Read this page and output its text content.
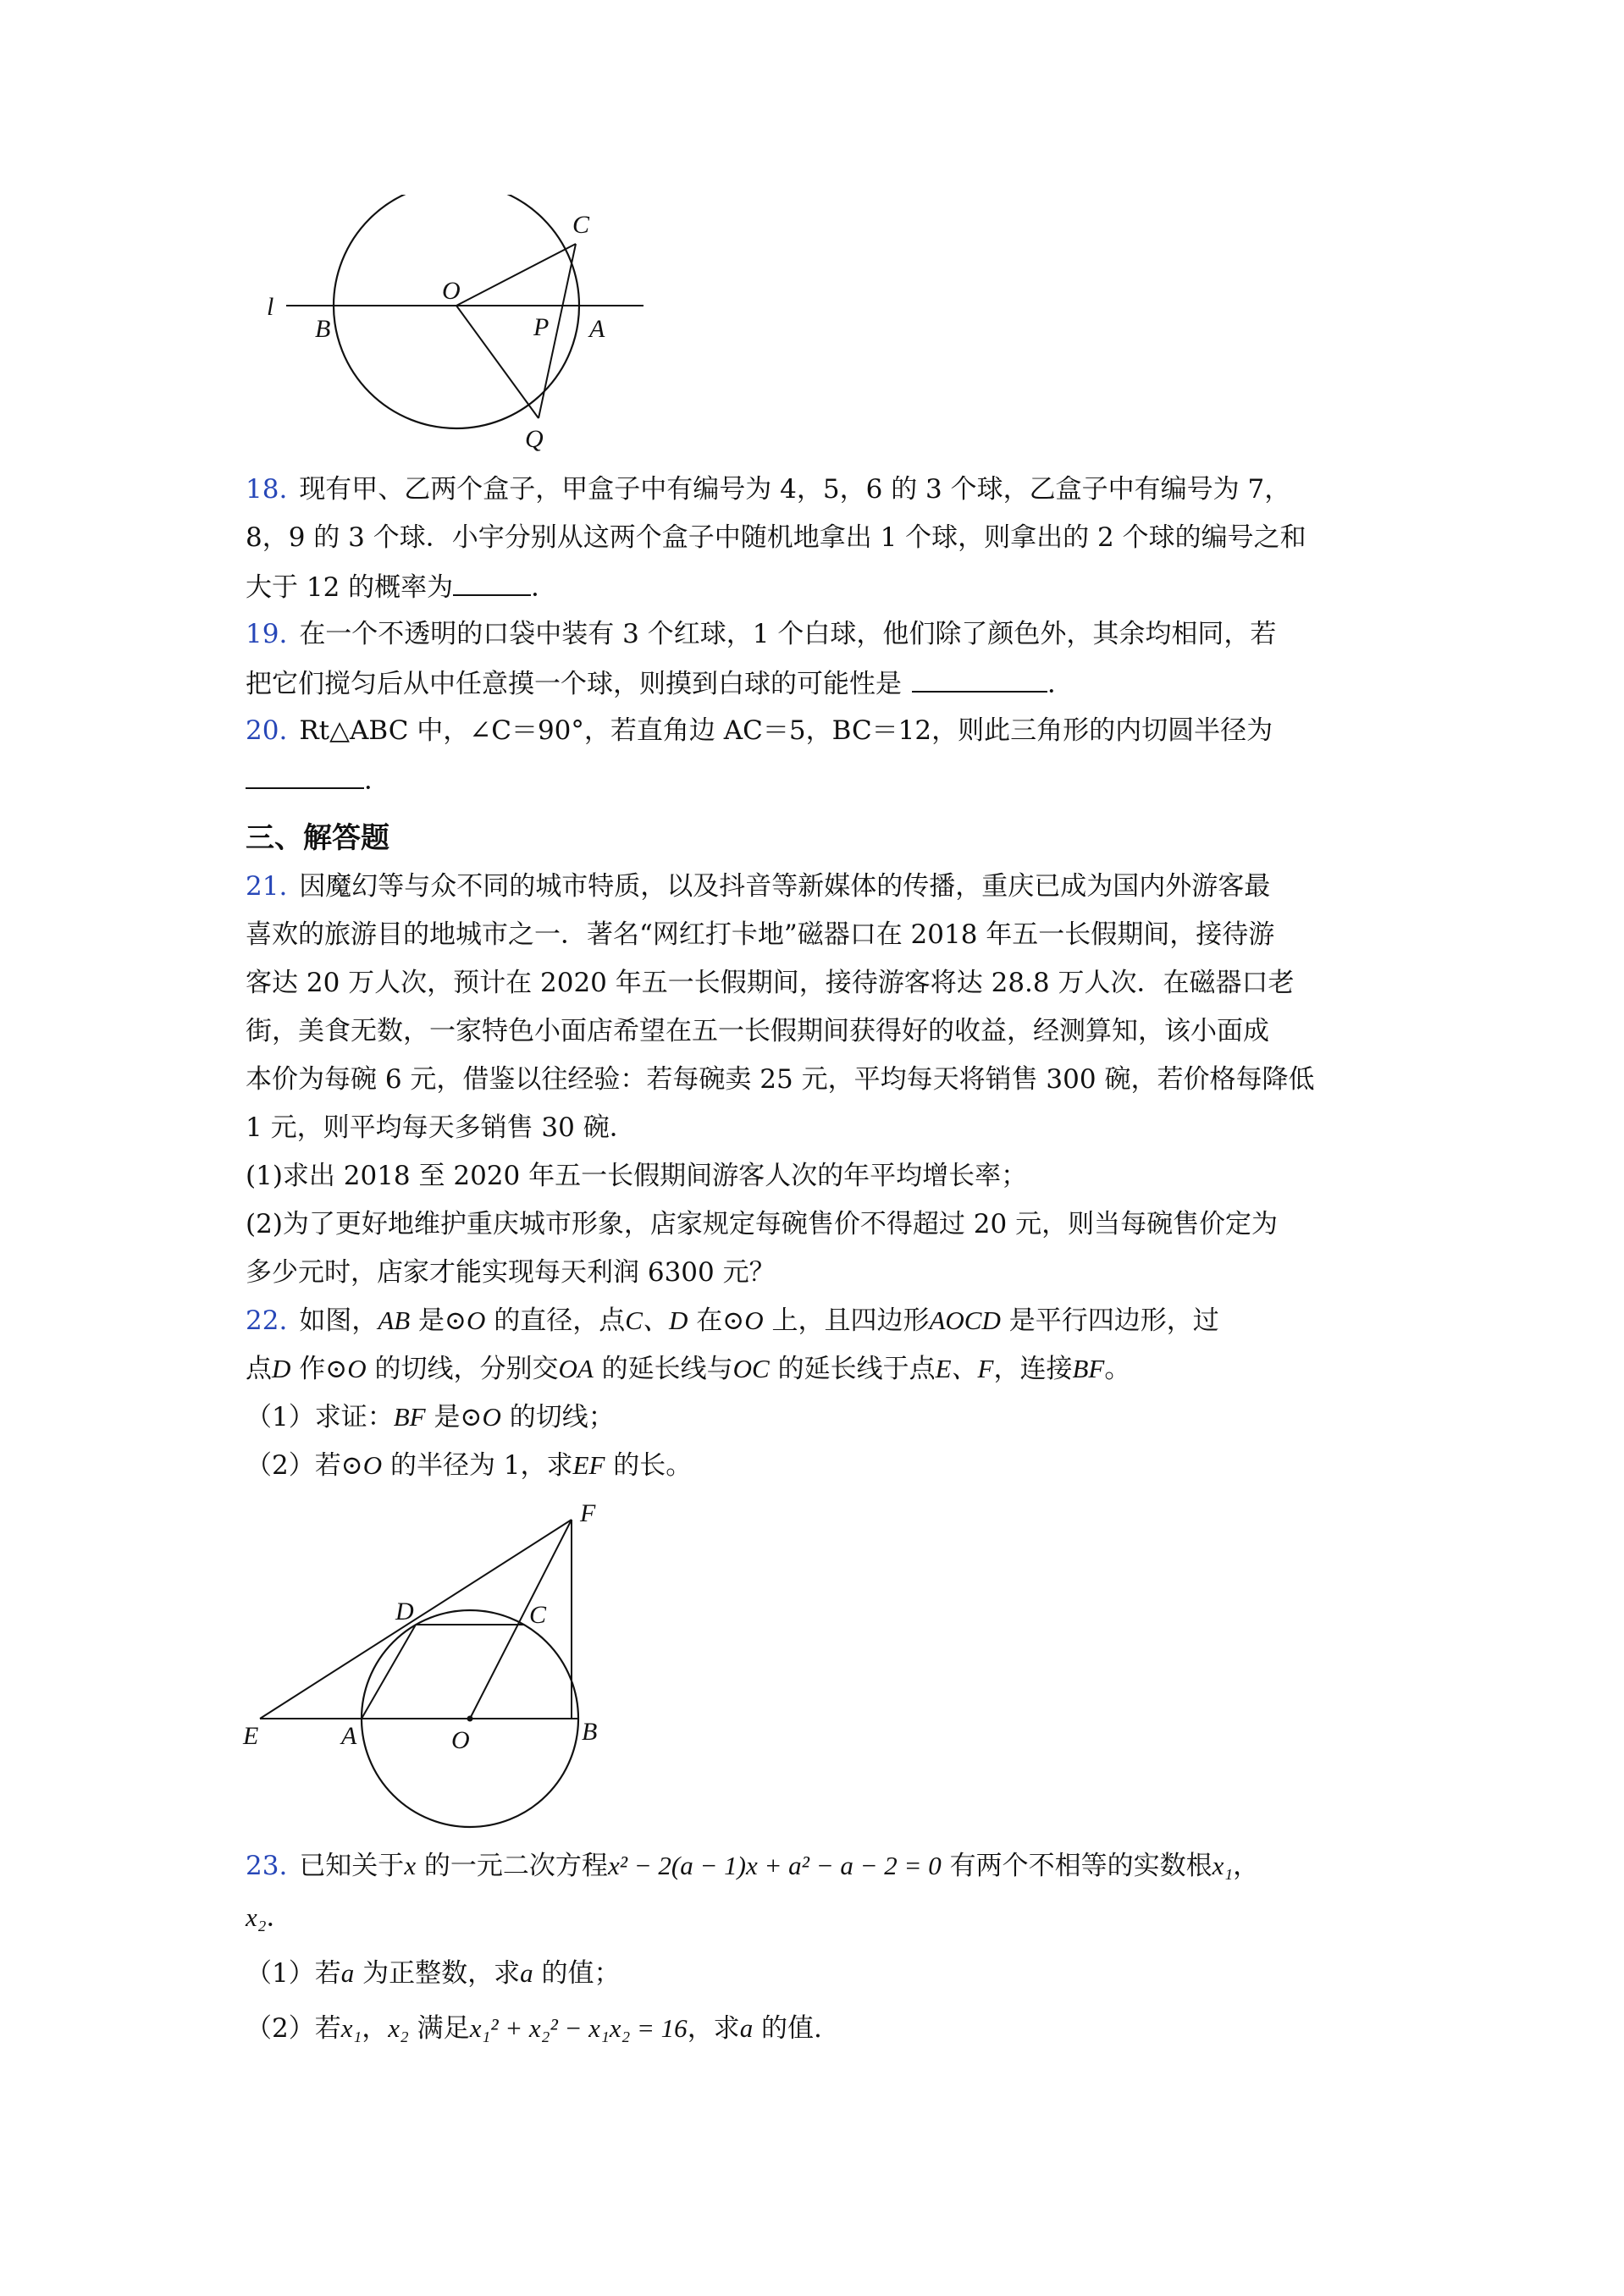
l
B
O
P A
C
Q
18. 现有甲、乙两个盒子，甲盒子中有编号为 4，5，6 的 3 个球，乙盒子中有编号为 7，
8，9 的 3 个球．小宇分别从这两个盒子中随机地拿出 1 个球，则拿出的 2 个球的编号之和
大于 12 的概率为	．
19. 在一个不透明的口袋中装有 3 个红球，1 个白球，他们除了颜色外，其余均相同，若
把它们搅匀后从中任意摸一个球，则摸到白球的可能性是	．
20. Rt△ABC 中，∠C＝90°，若直角边 AC＝5，BC＝12，则此三角形的内切圆半径为
．
三、解答题
21. 因魔幻等与众不同的城市特质，以及抖音等新媒体的传播，重庆已成为国内外游客最
喜欢的旅游目的地城市之一．著名“网红打卡地”磁器口在 2018 年五一长假期间，接待游
客达 20 万人次，预计在 2020 年五一长假期间，接待游客将达 28.8 万人次．在磁器口老
街，美食无数，一家特色小面店希望在五一长假期间获得好的收益，经测算知，该小面成
本价为每碗 6 元，借鉴以往经验：若每碗卖 25 元，平均每天将销售 300 碗，若价格每降低
1 元，则平均每天多销售 30 碗．
(1)求出 2018 至 2020 年五一长假期间游客人次的年平均增长率；
(2)为了更好地维护重庆城市形象，店家规定每碗售价不得超过 20 元，则当每碗售价定为
多少元时，店家才能实现每天利润 6300 元？
22. 如图，AB 是⊙O 的直径，点C、D 在⊙O 上，且四边形AOCD 是平行四边形，过
点D 作⊙O 的切线，分别交OA 的延长线与OC 的延长线于点E、F，连接BF。
（1）求证：BF 是⊙O 的切线；
（2）若⊙O 的半径为 1，求EF 的长。
F
D	C
E	A	O	B
23. 已知关于x 的一元二次方程x² − 2(a − 1)x + a² − a − 2 = 0 有两个不相等的实数根x₁，
x₂．
（1）若a 为正整数，求a 的值；
（2）若x₁，x₂ 满足x₁² + x₂² − x₁x₂ = 16，求a 的值.
